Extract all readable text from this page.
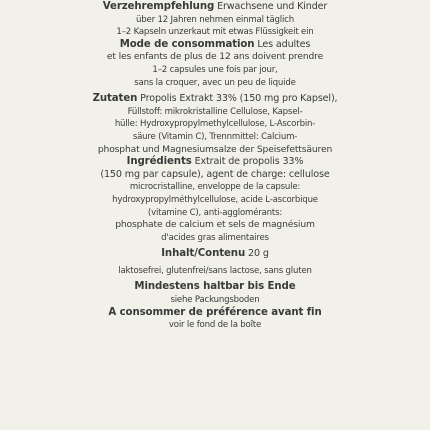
Verzehrempfehlung Erwachsene und Kinder
über 12 Jahren nehmen einmal täglich
1–2 Kapseln unzerkaut mit etwas Flüssigkeit ein
Mode de consommation Les adultes
et les enfants de plus de 12 ans doivent prendre
1–2 capsules une fois par jour,
sans la croquer, avec un peu de liquide
Zutaten Propolis Extrakt 33% (150 mg pro Kapsel),
Füllstoff: mikrokristalline Cellulose, Kapsel-
hülle: Hydroxypropylmethylcellulose, L-Ascorbin-
säure (Vitamin C), Trennmittel: Calcium-
phosphat und Magnesiumsalze der Speisefettsäuren
Ingrédients Extrait de propolis 33%
(150 mg par capsule), agent de charge: cellulose
microcristalline, enveloppe de la capsule:
hydroxypropylméthylcellulose, acide L-ascorbique
(vitamine C), anti-agglomérants:
phosphate de calcium et sels de magnésium
d'acides gras alimentaires
Inhalt/Contenu 20 g
laktosefrei, glutenfrei/sans lactose, sans gluten
Mindestens haltbar bis Ende
siehe Packungsboden
A consommer de préférence avant fin
voir le fond de la boîte
